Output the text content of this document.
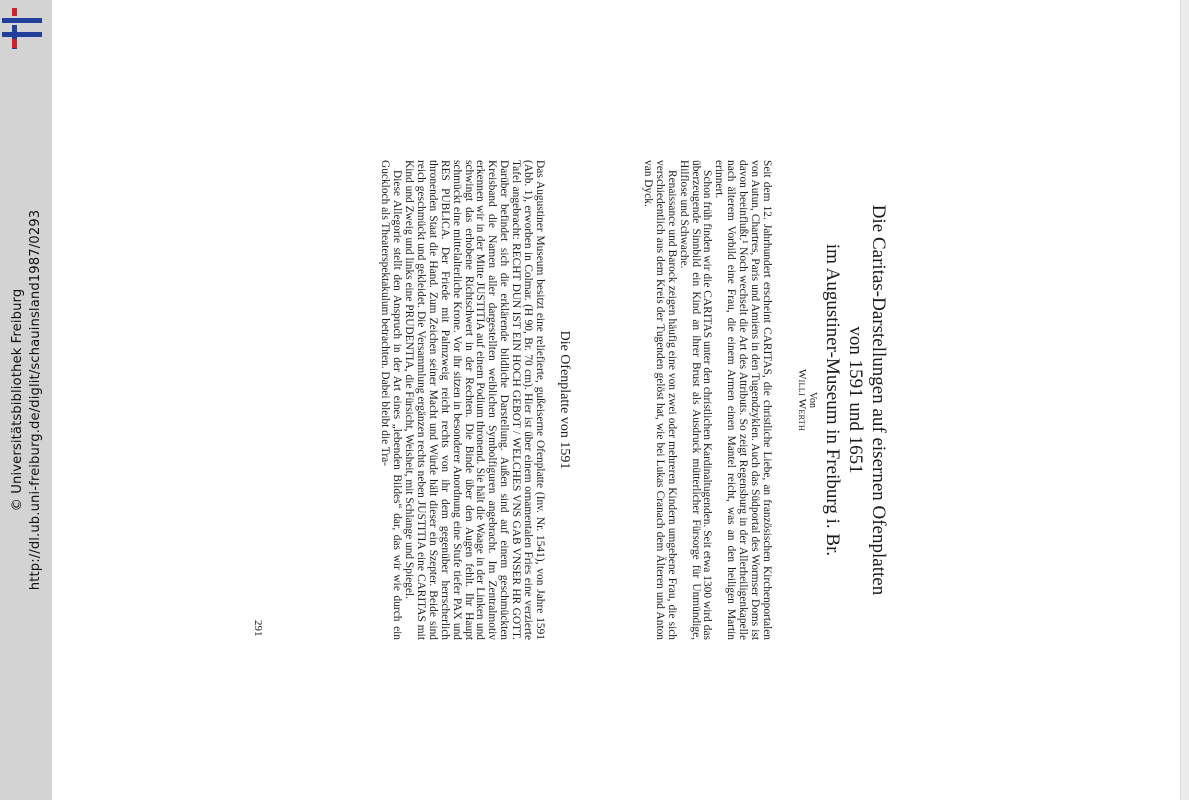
http://dl.ub.uni-freiburg.de/diglit/schauinsland1987/0293
© Universitätsbibliothek Freiburg	Die Caritas-Darstellungen auf eisernen Ofenplatten
von 1591 und 1651
im Augustiner-Museum in Freiburg i. Br.
Von
Willi Werth

Seit dem 12. Jahrhundert erscheint CARITAS, die christliche Liebe, an französischen Kirchenportalen von Autun, Chartres, Paris und Amiens in den Tugendzyklen. Auch das Südportal des Wormser Doms ist davon beeinflußt.¹ Noch wechselt die Art des Attributs. So zeigt Regensburg in der Allerheiligenkapelle nach älterem Vorbild eine Frau, die einem Armen einen Mantel reicht, was an den heiligen Martin erinnert.

Schon früh finden wir die CARITAS unter den christlichen Kardinaltugenden. Seit etwa 1300 wird das überzeugende Sinnbild ein Kind an ihrer Brust als Ausdruck mütterlicher Fürsorge für Unmündige, Hilflose und Schwache.

Renaissance und Barock zeigen häufig eine von zwei oder mehreren Kindern umgebene Frau, die sich verschiedentlich aus dem Kreis der Tugenden gelöst hat, wie bei Lukas Cranach dem Älteren und Anton van Dyck.

Die Ofenplatte von 1591

Das Augustiner Museum besitzt eine reliefierte, gußeiserne Ofenplatte (Inv. Nr. 1541), von Jahre 1591 (Abb. 1), erworben in Colmar. (H 90, Br. 70 cm). Hier ist über einem ornamentalen Fries eine verzierte Tafel angebracht: RECHT DUN IST EIN HOCH GEBOT / WELCHES VNS GAB VNSER HR GOTT. Darüber befindet sich die erklärende bildliche Darstellung. Außen sind auf einem geschmückten Kreisband die Namen aller dargestellten weiblichen Symbolfiguren angebracht. Im Zentralmotiv erkennen wir in der Mitte JUSTITIA auf einem Podium thronend. Sie hält die Waage in der Linken und schwingt das erhobene Richtschwert in der Rechten. Die Binde über den Augen fehlt. Ihr Haupt schmückt eine mittelalterliche Krone. Vor ihr sitzen in besonderer Anordnung eine Stufe tiefer PAX und RES PUBLICA. Der Friede mit Palmzweig reicht rechts von ihr dem gegenüber herrscherlich thronenden Staat die Hand. Zum Zeichen seiner Macht und Würde hält dieser ein Szepter. Beide sind reich geschmückt und gekleidet. Die Versammlung ergänzen rechts neben JUSTITIA eine CARITAS mit Kind und Zweig und links eine PRUDENTIA, die Fürsicht, Weisheit, mit Schlange und Spiegel.

Diese Allegorie stellt den Anspruch in der Art eines „lebenden Bildes“ dar, das wir wie durch ein Guckloch als Theaterspektakulum betrachten. Dabei bleibt die Tra-

291
